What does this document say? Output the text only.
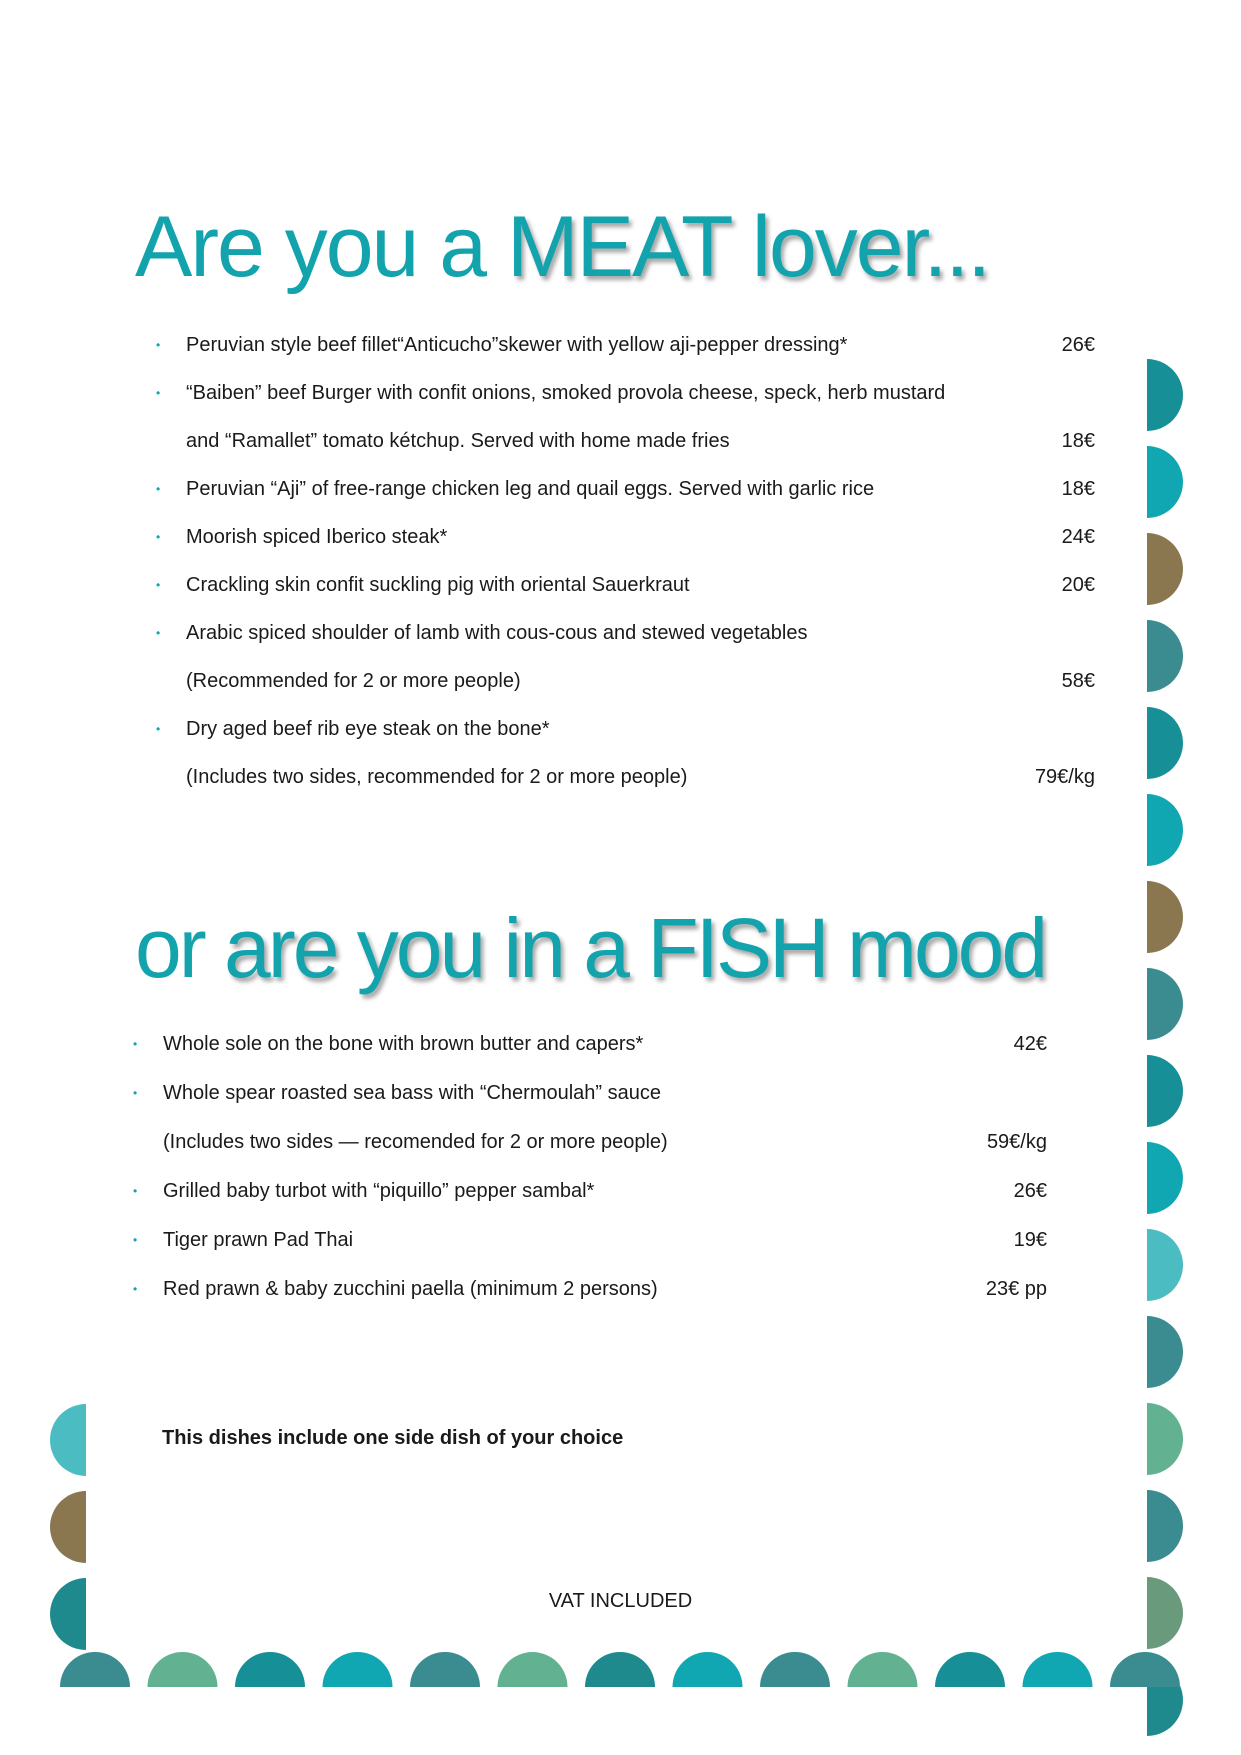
Are you a MEAT lover...
• Peruvian style beef fillet“Anticucho”skewer with yellow aji-pepper dressing*	26€
• “Baiben” beef Burger with confit onions, smoked provola cheese, speck, herb mustard
and “Ramallet” tomato kétchup. Served with home made fries	18€
• Peruvian “Aji” of free-range chicken leg and quail eggs. Served with garlic rice	18€
• Moorish spiced Iberico steak*	24€
• Crackling skin confit suckling pig with oriental Sauerkraut	20€
• Arabic spiced shoulder of lamb with cous-cous and stewed vegetables
(Recommended for 2 or more people)	58€
• Dry aged beef rib eye steak on the bone*
(Includes two sides, recommended for 2 or more people)	79€/kg
or are you in a FISH mood
• Whole sole on the bone with brown butter and capers*	42€
• Whole spear roasted sea bass with “Chermoulah” sauce
(Includes two sides — recomended for 2 or more people)	59€/kg
• Grilled baby turbot with “piquillo” pepper sambal*	26€
• Tiger prawn Pad Thai	19€
• Red prawn & baby zucchini paella (minimum 2 persons)	23€ pp
This dishes include one side dish of your choice
VAT INCLUDED
